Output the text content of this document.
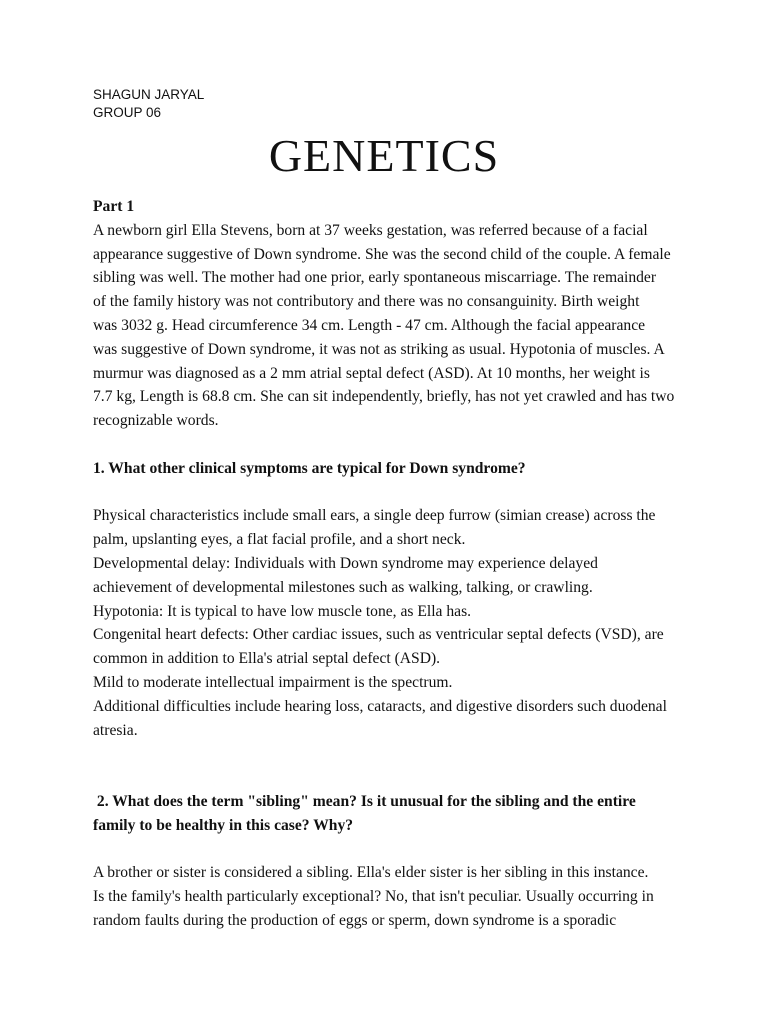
SHAGUN JARYAL
GROUP 06
GENETICS
Part 1
A newborn girl Ella Stevens, born at 37 weeks gestation, was referred because of a facial
appearance suggestive of Down syndrome. She was the second child of the couple. A female
sibling was well. The mother had one prior, early spontaneous miscarriage. The remainder
of the family history was not contributory and there was no consanguinity. Birth weight
was 3032 g. Head circumference 34 cm. Length - 47 cm. Although the facial appearance
was suggestive of Down syndrome, it was not as striking as usual. Hypotonia of muscles. A
murmur was diagnosed as a 2 mm atrial septal defect (ASD). At 10 months, her weight is
7.7 kg, Length is 68.8 cm. She can sit independently, briefly, has not yet crawled and has two
recognizable words.
1. What other clinical symptoms are typical for Down syndrome?
Physical characteristics include small ears, a single deep furrow (simian crease) across the
palm, upslanting eyes, a flat facial profile, and a short neck.
Developmental delay: Individuals with Down syndrome may experience delayed
achievement of developmental milestones such as walking, talking, or crawling.
Hypotonia: It is typical to have low muscle tone, as Ella has.
Congenital heart defects: Other cardiac issues, such as ventricular septal defects (VSD), are
common in addition to Ella's atrial septal defect (ASD).
Mild to moderate intellectual impairment is the spectrum.
Additional difficulties include hearing loss, cataracts, and digestive disorders such duodenal
atresia.
2. What does the term "sibling" mean? Is it unusual for the sibling and the entire
family to be healthy in this case? Why?
A brother or sister is considered a sibling. Ella's elder sister is her sibling in this instance.
Is the family's health particularly exceptional? No, that isn't peculiar. Usually occurring in
random faults during the production of eggs or sperm, down syndrome is a sporadic
